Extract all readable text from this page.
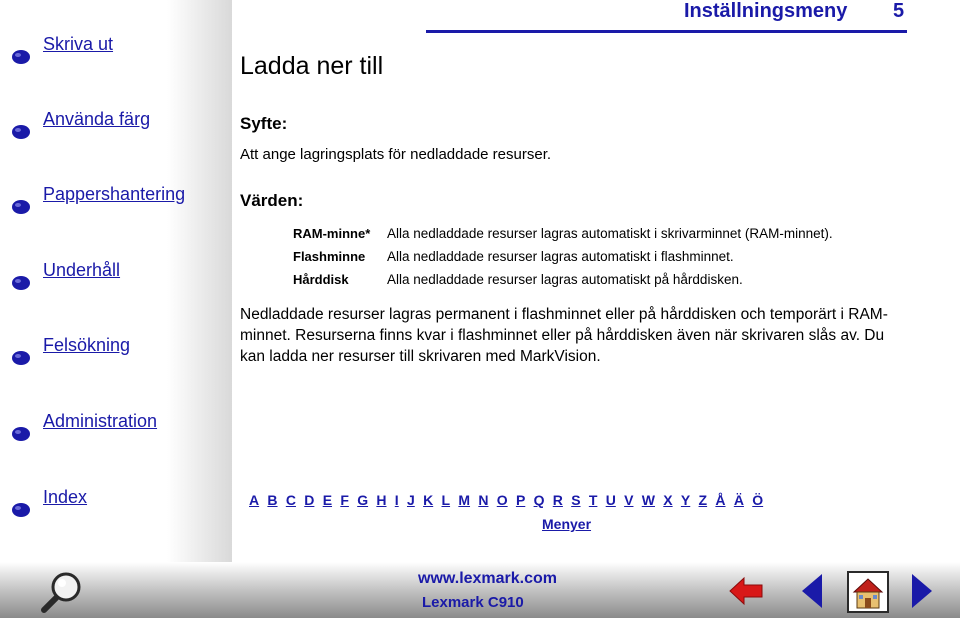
Skriva ut
Använda färg
Pappershantering
Underhåll
Felsökning
Administration
Index
Inställningsmeny 5
Ladda ner till
Syfte:
Att ange lagringsplats för nedladdade resurser.
Värden:
RAM-minne* Alla nedladdade resurser lagras automatiskt i skrivarminnet (RAM-minnet).
Flashminne Alla nedladdade resurser lagras automatiskt i flashminnet.
Hårddisk	Alla nedladdade resurser lagras automatiskt på hårddisken.
Nedladdade resurser lagras permanent i flashminnet eller på hårddisken och temporärt i RAM-minnet. Resurserna finns kvar i flashminnet eller på hårddisken även när skrivaren slås av. Du kan ladda ner resurser till skrivaren med MarkVision.
A B C D E F G H I J K L M N O P Q R S T U V W X Y Z Å Ä Ö
Menyer
www.lexmark.com
Lexmark C910
